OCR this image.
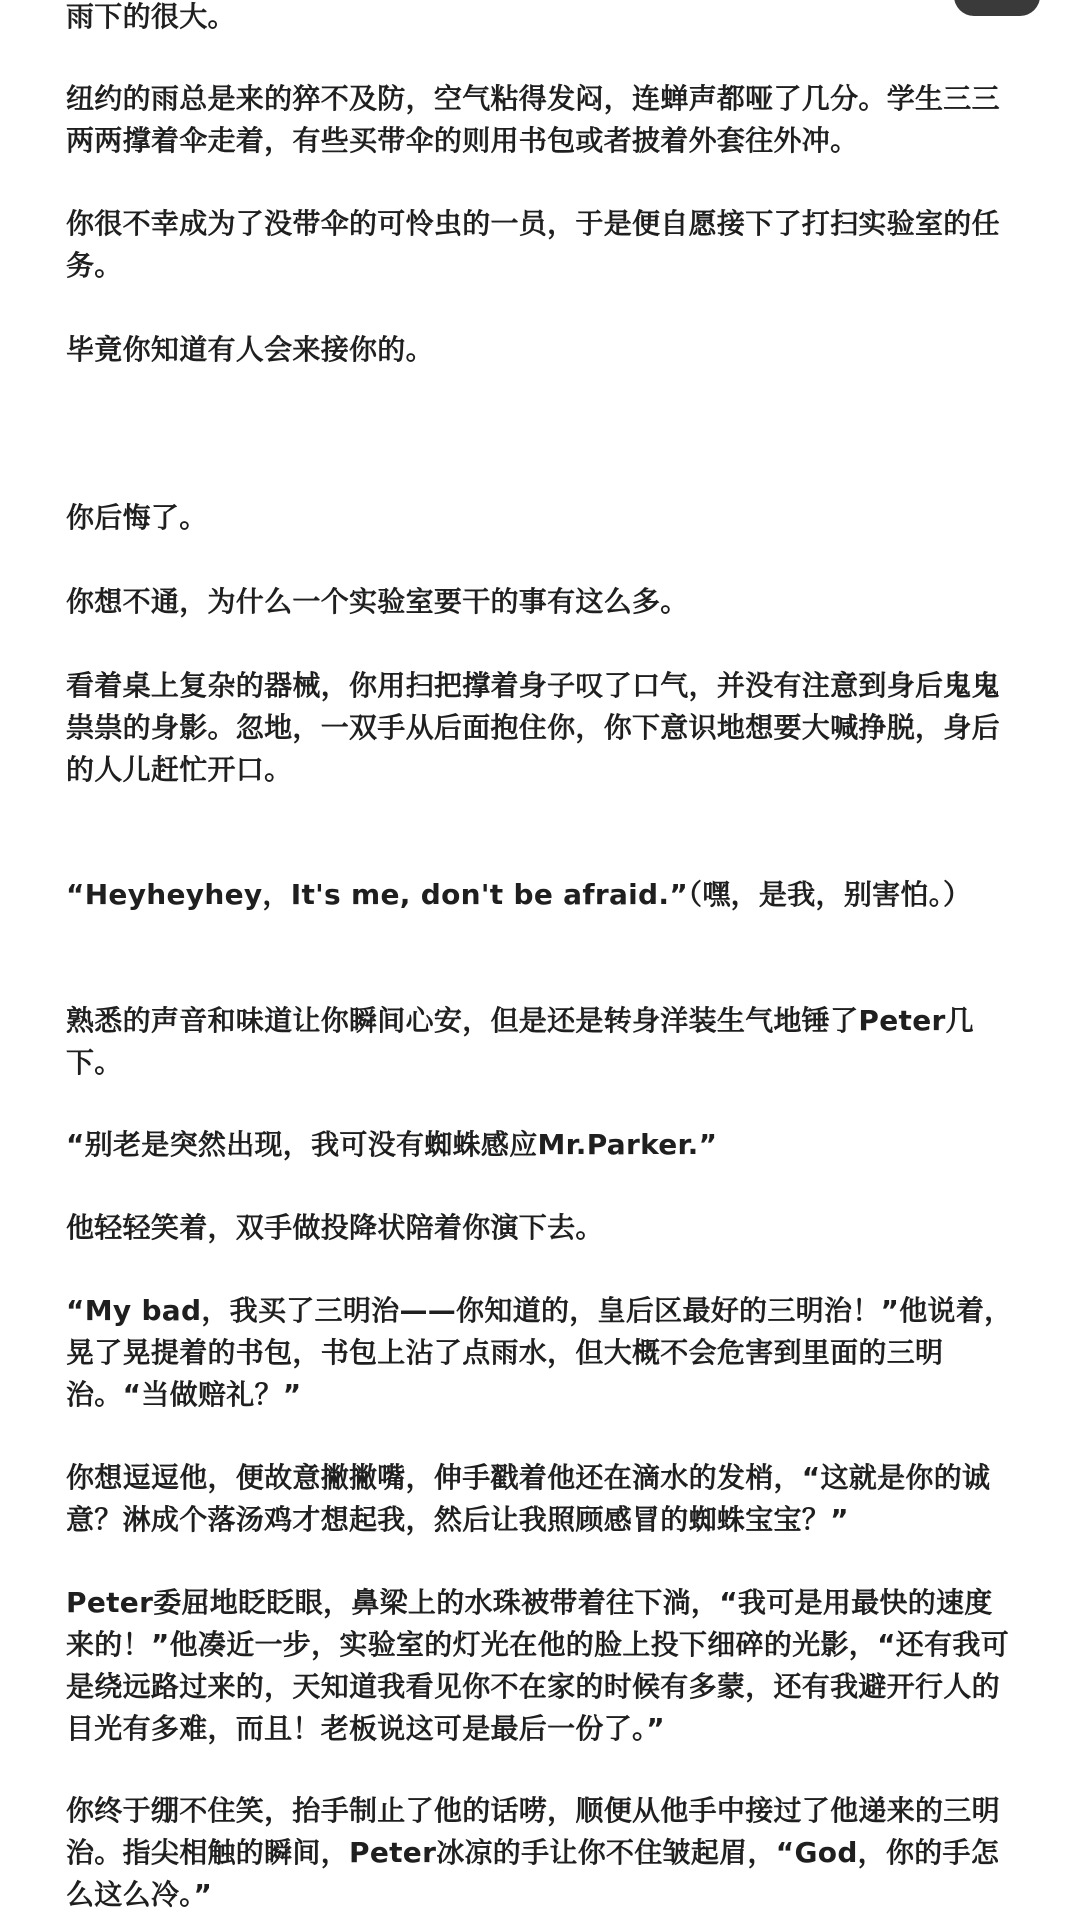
雨下的很大。

纽约的雨总是来的猝不及防，空气粘得发闷，连蝉声都哑了几分。学生三三两两撑着伞走着，有些买带伞的则用书包或者披着外套往外冲。

你很不幸成为了没带伞的可怜虫的一员，于是便自愿接下了打扫实验室的任务。

毕竟你知道有人会来接你的。

你后悔了。

你想不通，为什么一个实验室要干的事有这么多。

看着桌上复杂的器械，你用扫把撑着身子叹了口气，并没有注意到身后鬼鬼祟祟的身影。忽地，一双手从后面抱住你，你下意识地想要大喊挣脱，身后的人儿赶忙开口。

“Heyheyhey，It's me, don't be afraid.”（嘿，是我，别害怕。）

熟悉的声音和味道让你瞬间心安，但是还是转身洋装生气地锤了Peter几下。

“别老是突然出现，我可没有蜘蛛感应Mr.Parker.”

他轻轻笑着，双手做投降状陪着你演下去。

“My bad，我买了三明治——你知道的，皇后区最好的三明治！”他说着，晃了晃提着的书包，书包上沾了点雨水，但大概不会危害到里面的三明治。“当做赔礼？”

你想逗逗他，便故意撇撇嘴，伸手戳着他还在滴水的发梢，“这就是你的诚意？淋成个落汤鸡才想起我，然后让我照顾感冒的蜘蛛宝宝？”

Peter委屈地眨眨眼，鼻梁上的水珠被带着往下淌，“我可是用最快的速度来的！”他凑近一步，实验室的灯光在他的脸上投下细碎的光影，“还有我可是绕远路过来的，天知道我看见你不在家的时候有多蒙，还有我避开行人的目光有多难，而且！老板说这可是最后一份了。”

你终于绷不住笑，抬手制止了他的话唠，顺便从他手中接过了他递来的三明治。指尖相触的瞬间，Peter冰凉的手让你不住皱起眉，“God，你的手怎么这么冷。”
